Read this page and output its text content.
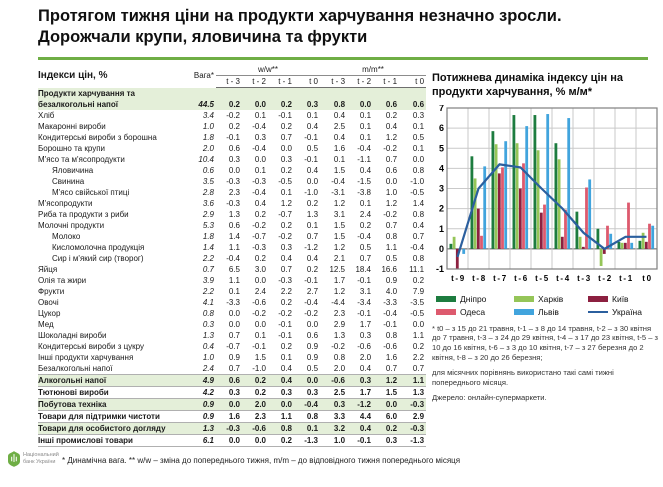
Протягом тижня ціни на продукти харчування незначно зросли. Дорожчали крупи, яловичина та фрукти
Індекси цін, %	Вага*	w/w**				m/m**			
		t - 3	t - 2	t - 1	t 0	t - 3	t - 2	t - 1	t 0
Продукти харчування та безалкогольні напої	44.5	0.2	0.0	0.2	0.3	0.8	0.0	0.6	0.6
Хліб	3.4	-0.2	0.1	-0.1	0.1	0.4	0.1	0.2	0.3
Макаронні вироби	1.0	0.2	-0.4	0.2	0.4	2.5	0.1	0.4	0.1
Кондитерські вироби з борошна	1.8	-0.1	0.3	0.7	-0.1	0.4	0.1	1.2	0.5
Борошно та крупи	2.0	0.6	-0.4	0.0	0.5	1.6	-0.4	-0.2	0.1
М'ясо та м'ясопродукти	10.4	0.3	0.0	0.3	-0.1	0.1	-1.1	0.7	0.0
Яловичина	0.6	0.0	0.1	0.2	0.4	1.5	0.4	0.6	0.8
Свинина	3.5	-0.3	-0.3	-0.5	0.0	-0.4	-1.5	0.0	-1.0
М'ясо свійської птиці	2.8	2.3	-0.4	0.1	-1.0	-3.1	-3.8	1.0	-0.5
М'ясопродукти	3.6	-0.3	0.4	1.2	0.2	1.2	0.1	1.2	1.4
Риба та продукти з риби	2.9	1.3	0.2	-0.7	1.3	3.1	2.4	-0.2	0.8
Молочні продукти	5.3	0.6	-0.2	0.2	0.1	1.5	0.2	0.7	0.4
Молоко	1.8	1.4	-0.7	-0.2	0.7	1.5	-0.4	0.8	0.7
Кисломолочна продукція	1.4	1.1	-0.3	0.3	-1.2	1.2	0.5	1.1	-0.4
Сир і м'який сир (творог)	2.2	-0.4	0.2	0.4	0.4	2.1	0.7	0.5	0.8
Яйця	0.7	6.5	3.0	0.7	0.2	12.5	18.4	16.6	11.1
Олія та жири	3.9	1.1	0.0	-0.3	-0.1	1.7	-0.1	0.9	0.2
Фрукти	2.2	0.1	2.4	2.2	2.7	1.2	3.1	4.0	7.9
Овочі	4.1	-3.3	-0.6	0.2	-0.4	-4.4	-3.4	-3.3	-3.5
Цукор	0.8	0.0	-0.2	-0.2	-0.2	2.3	-0.1	-0.4	-0.5
Мед	0.3	0.0	0.0	-0.1	0.0	2.9	1.7	-0.1	0.0
Шоколадні вироби	1.3	0.7	0.1	-0.1	0.6	1.3	0.3	0.8	1.1
Кондитерські вироби з цукру	0.4	-0.7	-0.1	0.2	0.9	-0.2	-0.6	-0.6	0.2
Інші продукти харчування	1.0	0.9	1.5	0.1	0.9	0.8	2.0	1.6	2.2
Безалкогольні напої	2.4	0.7	-1.0	0.4	0.5	2.0	0.4	0.7	0.7
Алкогольні напої	4.9	0.6	0.2	0.4	0.0	-0.6	0.3	1.2	1.1
Тютюнові вироби	4.2	0.3	0.2	0.3	0.3	2.5	1.7	1.5	1.3
Побутова техніка	0.9	0.0	2.0	0.0	-0.4	0.3	-1.2	0.0	-0.3
Товари для підтримки чистоти	0.9	1.6	2.3	1.1	0.8	3.3	4.4	6.0	2.9
Товари для особистого догляду	1.3	-0.3	-0.6	0.8	0.1	3.2	0.4	0.2	-0.3
Інші промислові товари	6.1	0.0	0.0	0.2	-1.3	1.0	-0.1	0.3	-1.3
Потижнева динаміка індексу цін на продукти харчування, % м/м*
7
6
5
4
3
2
1
0
-1
t - 9 t - 8 t - 7 t - 6 t - 5 t - 4 t - 3 t - 2 t - 1 t 0
Дніпро	Харків	Київ
Одеса	Львів	Україна

* t0 – з 15 до 21 травня, t-1 – з 8 до 14 травня, t-2 – з 30 квітня до 7 травня, t-3 – з 24 до 29 квітня, t-4 – з 17 до 23 квітня, t-5 – з 10 до 16 квітня, t-6 – з 3 до 10 квітня, t-7 – з 27 березня до 2 квітня, t-8 – з 20 до 26 березня;

для місячних порівнянь використано такі самі тижні попереднього місяця.

Джерело: онлайн-супермаркети.

* Динамічна вага. ** w/w – зміна до попереднього тижня, m/m – до відповідного тижня попереднього місяця
Національний
банк України
